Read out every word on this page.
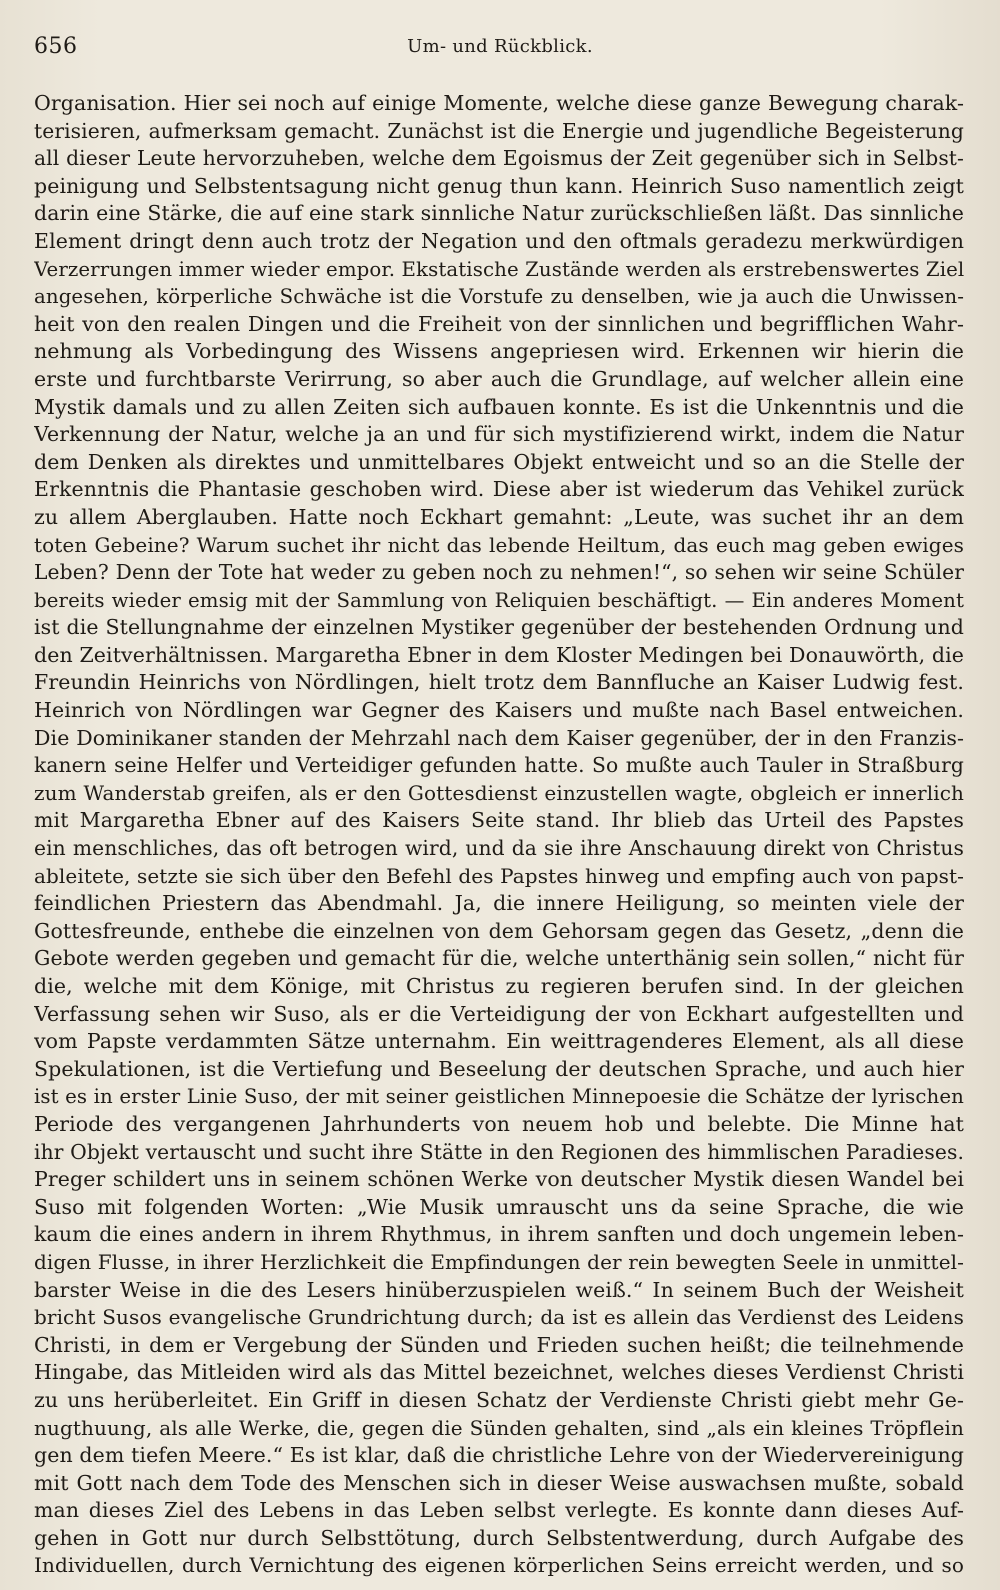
656	Um- und Rückblick.
Organisation. Hier sei noch auf einige Momente, welche diese ganze Bewegung charak-
terisieren, aufmerksam gemacht. Zunächst ist die Energie und jugendliche Begeisterung
all dieser Leute hervorzuheben, welche dem Egoismus der Zeit gegenüber sich in Selbst-
peinigung und Selbstentsagung nicht genug thun kann. Heinrich Suso namentlich zeigt
darin eine Stärke, die auf eine stark sinnliche Natur zurückschließen läßt. Das sinnliche
Element dringt denn auch trotz der Negation und den oftmals geradezu merkwürdigen
Verzerrungen immer wieder empor. Ekstatische Zustände werden als erstrebenswertes Ziel
angesehen, körperliche Schwäche ist die Vorstufe zu denselben, wie ja auch die Unwissen-
heit von den realen Dingen und die Freiheit von der sinnlichen und begrifflichen Wahr-
nehmung als Vorbedingung des Wissens angepriesen wird. Erkennen wir hierin die
erste und furchtbarste Verirrung, so aber auch die Grundlage, auf welcher allein eine
Mystik damals und zu allen Zeiten sich aufbauen konnte. Es ist die Unkenntnis und die
Verkennung der Natur, welche ja an und für sich mystifizierend wirkt, indem die Natur
dem Denken als direktes und unmittelbares Objekt entweicht und so an die Stelle der
Erkenntnis die Phantasie geschoben wird. Diese aber ist wiederum das Vehikel zurück
zu allem Aberglauben. Hatte noch Eckhart gemahnt: „Leute, was suchet ihr an dem
toten Gebeine? Warum suchet ihr nicht das lebende Heiltum, das euch mag geben ewiges
Leben? Denn der Tote hat weder zu geben noch zu nehmen!“, so sehen wir seine Schüler
bereits wieder emsig mit der Sammlung von Reliquien beschäftigt. — Ein anderes Moment
ist die Stellungnahme der einzelnen Mystiker gegenüber der bestehenden Ordnung und
den Zeitverhältnissen. Margaretha Ebner in dem Kloster Medingen bei Donauwörth, die
Freundin Heinrichs von Nördlingen, hielt trotz dem Bannfluche an Kaiser Ludwig fest.
Heinrich von Nördlingen war Gegner des Kaisers und mußte nach Basel entweichen.
Die Dominikaner standen der Mehrzahl nach dem Kaiser gegenüber, der in den Franzis-
kanern seine Helfer und Verteidiger gefunden hatte. So mußte auch Tauler in Straßburg
zum Wanderstab greifen, als er den Gottesdienst einzustellen wagte, obgleich er innerlich
mit Margaretha Ebner auf des Kaisers Seite stand. Ihr blieb das Urteil des Papstes
ein menschliches, das oft betrogen wird, und da sie ihre Anschauung direkt von Christus
ableitete, setzte sie sich über den Befehl des Papstes hinweg und empfing auch von papst-
feindlichen Priestern das Abendmahl. Ja, die innere Heiligung, so meinten viele der
Gottesfreunde, enthebe die einzelnen von dem Gehorsam gegen das Gesetz, „denn die
Gebote werden gegeben und gemacht für die, welche unterthänig sein sollen,“ nicht für
die, welche mit dem Könige, mit Christus zu regieren berufen sind. In der gleichen
Verfassung sehen wir Suso, als er die Verteidigung der von Eckhart aufgestellten und
vom Papste verdammten Sätze unternahm. Ein weittragenderes Element, als all diese
Spekulationen, ist die Vertiefung und Beseelung der deutschen Sprache, und auch hier
ist es in erster Linie Suso, der mit seiner geistlichen Minnepoesie die Schätze der lyrischen
Periode des vergangenen Jahrhunderts von neuem hob und belebte. Die Minne hat
ihr Objekt vertauscht und sucht ihre Stätte in den Regionen des himmlischen Paradieses.
Preger schildert uns in seinem schönen Werke von deutscher Mystik diesen Wandel bei
Suso mit folgenden Worten: „Wie Musik umrauscht uns da seine Sprache, die wie
kaum die eines andern in ihrem Rhythmus, in ihrem sanften und doch ungemein leben-
digen Flusse, in ihrer Herzlichkeit die Empfindungen der rein bewegten Seele in unmittel-
barster Weise in die des Lesers hinüberzuspielen weiß.“ In seinem Buch der Weisheit
bricht Susos evangelische Grundrichtung durch; da ist es allein das Verdienst des Leidens
Christi, in dem er Vergebung der Sünden und Frieden suchen heißt; die teilnehmende
Hingabe, das Mitleiden wird als das Mittel bezeichnet, welches dieses Verdienst Christi
zu uns herüberleitet. Ein Griff in diesen Schatz der Verdienste Christi giebt mehr Ge-
nugthuung, als alle Werke, die, gegen die Sünden gehalten, sind „als ein kleines Tröpflein
gen dem tiefen Meere.“ Es ist klar, daß die christliche Lehre von der Wiedervereinigung
mit Gott nach dem Tode des Menschen sich in dieser Weise auswachsen mußte, sobald
man dieses Ziel des Lebens in das Leben selbst verlegte. Es konnte dann dieses Auf-
gehen in Gott nur durch Selbsttötung, durch Selbstentwerdung, durch Aufgabe des
Individuellen, durch Vernichtung des eigenen körperlichen Seins erreicht werden, und so
